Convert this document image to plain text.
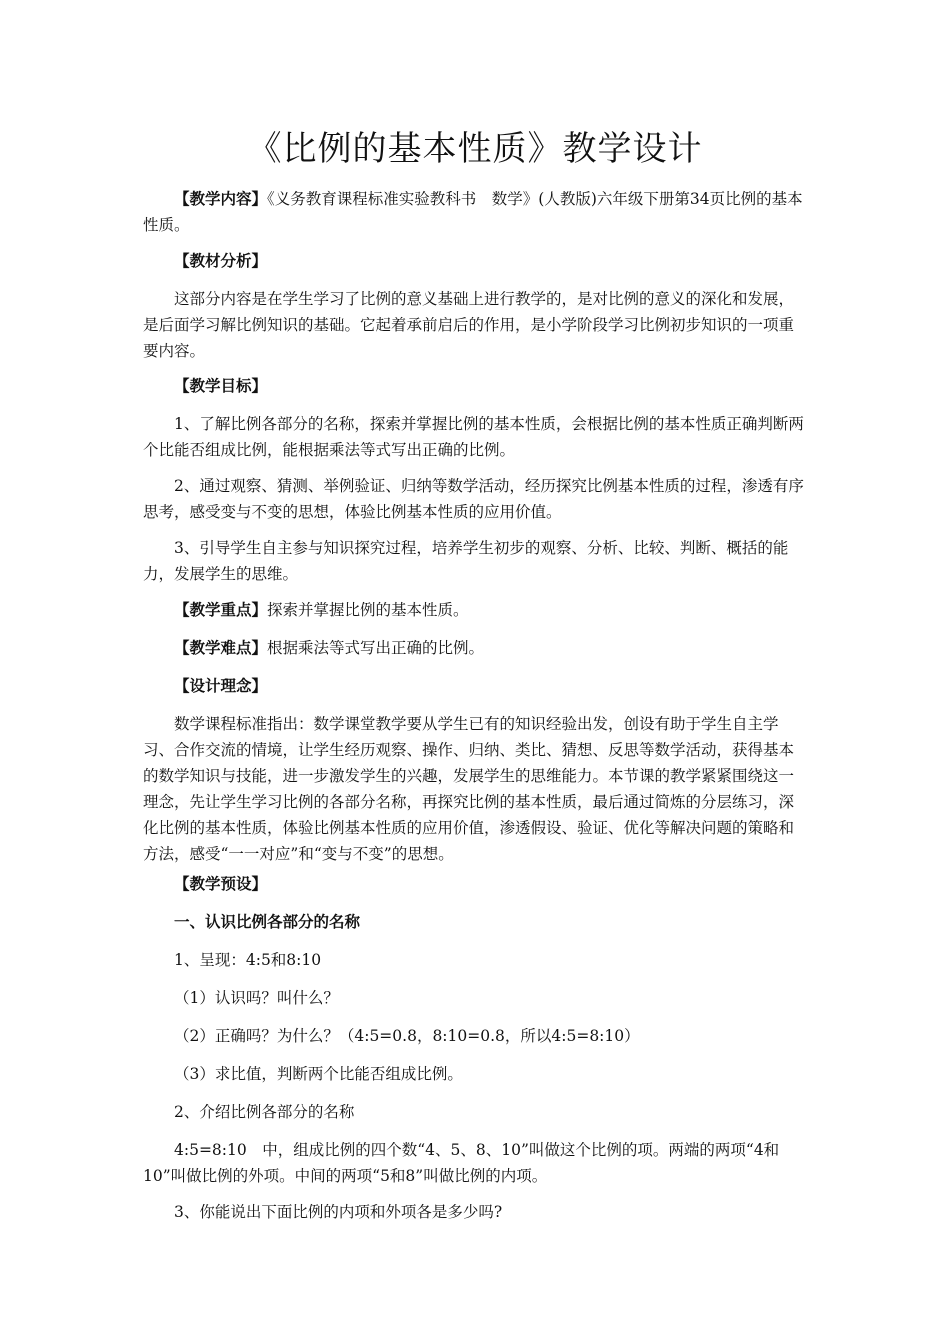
《比例的基本性质》教学设计

【教学内容】《义务教育课程标准实验教科书　数学》(人教版)六年级下册第34页比例的基本性质。

【教材分析】

这部分内容是在学生学习了比例的意义基础上进行教学的，是对比例的意义的深化和发展，是后面学习解比例知识的基础。它起着承前启后的作用，是小学阶段学习比例初步知识的一项重要内容。

【教学目标】

1、了解比例各部分的名称，探索并掌握比例的基本性质，会根据比例的基本性质正确判断两个比能否组成比例，能根据乘法等式写出正确的比例。

2、通过观察、猜测、举例验证、归纳等数学活动，经历探究比例基本性质的过程，渗透有序思考，感受变与不变的思想，体验比例基本性质的应用价值。

3、引导学生自主参与知识探究过程，培养学生初步的观察、分析、比较、判断、概括的能力，发展学生的思维。

【教学重点】探索并掌握比例的基本性质。

【教学难点】根据乘法等式写出正确的比例。

【设计理念】

数学课程标准指出：数学课堂教学要从学生已有的知识经验出发，创设有助于学生自主学习、合作交流的情境，让学生经历观察、操作、归纳、类比、猜想、反思等数学活动，获得基本的数学知识与技能，进一步激发学生的兴趣，发展学生的思维能力。本节课的教学紧紧围绕这一理念，先让学生学习比例的各部分名称，再探究比例的基本性质，最后通过简炼的分层练习，深化比例的基本性质，体验比例基本性质的应用价值，渗透假设、验证、优化等解决问题的策略和方法，感受“一一对应”和“变与不变”的思想。

【教学预设】

一、认识比例各部分的名称

1、呈现：4:5和8:10

（1）认识吗？叫什么？

（2）正确吗？为什么？（4:5=0.8，8:10=0.8，所以4:5=8:10）

（3）求比值，判断两个比能否组成比例。

2、介绍比例各部分的名称

4:5=8:10　中，组成比例的四个数“4、5、8、10”叫做这个比例的项。两端的两项“4和10”叫做比例的外项。中间的两项“5和8”叫做比例的内项。

3、你能说出下面比例的内项和外项各是多少吗?
